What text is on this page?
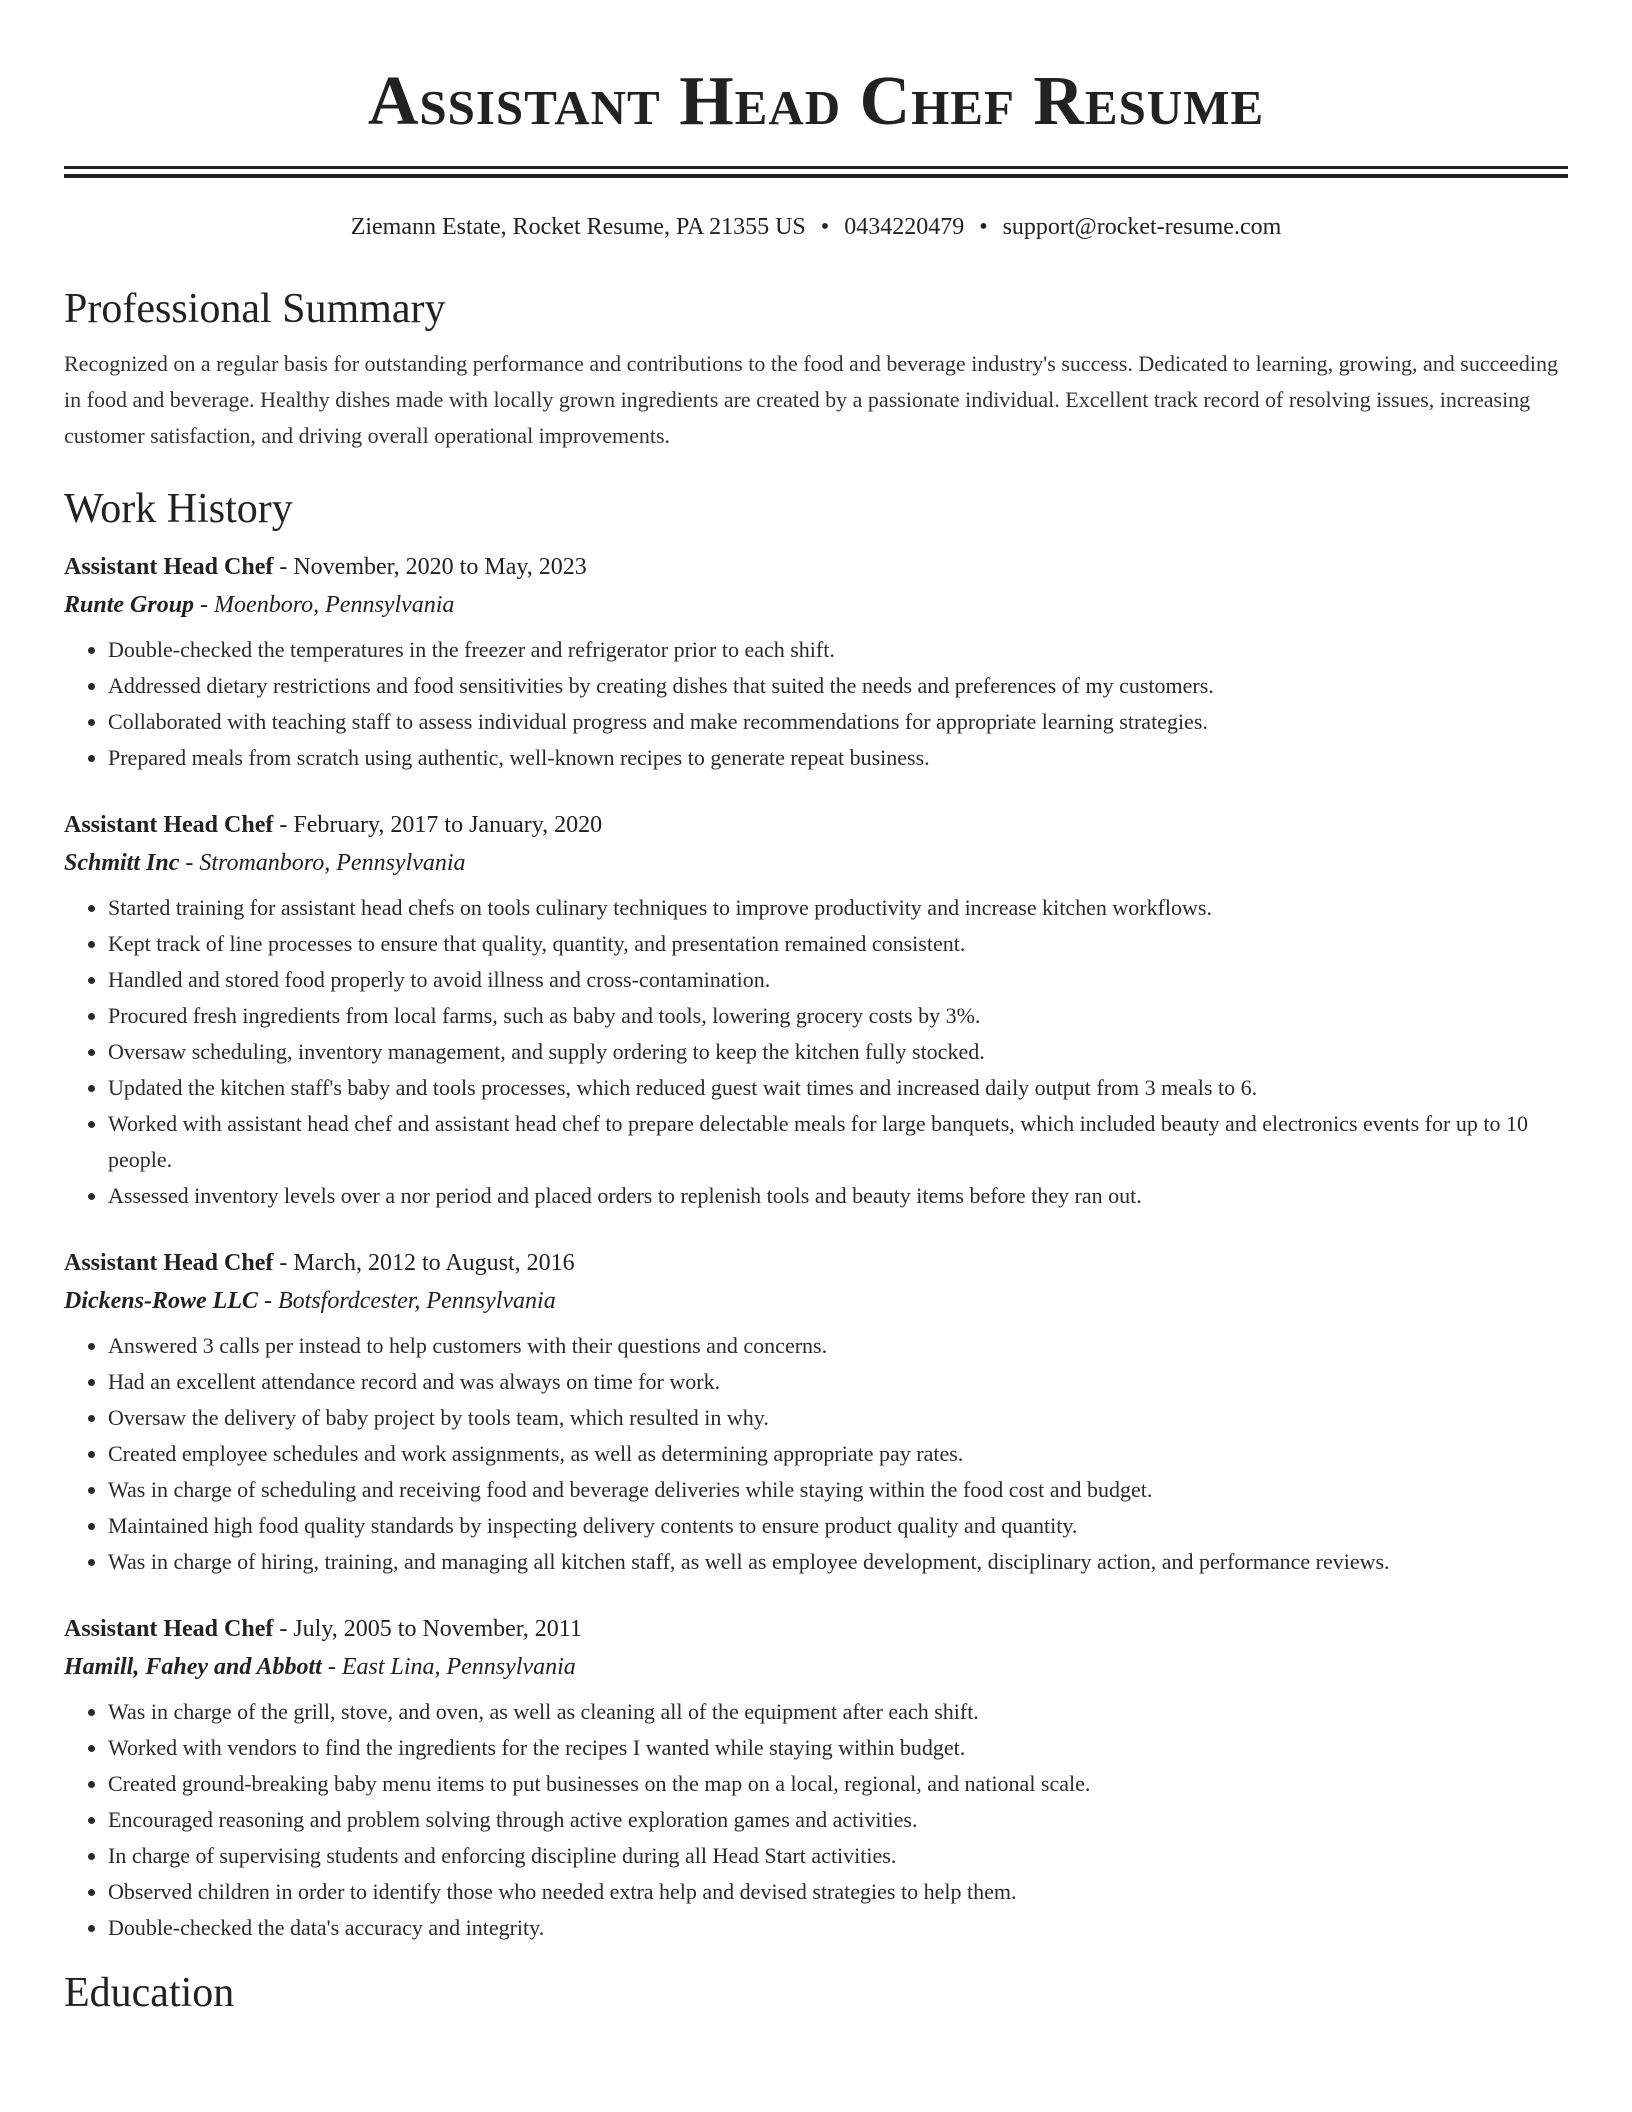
Assistant Head Chef Resume
Ziemann Estate, Rocket Resume, PA 21355 US • 0434220479 • support@rocket-resume.com
Professional Summary

Recognized on a regular basis for outstanding performance and contributions to the food and beverage industry's success. Dedicated to learning, growing, and succeeding in food and beverage. Healthy dishes made with locally grown ingredients are created by a passionate individual. Excellent track record of resolving issues, increasing customer satisfaction, and driving overall operational improvements.

Work History
Assistant Head Chef - November, 2020 to May, 2023
Runte Group - Moenboro, Pennsylvania
• Double-checked the temperatures in the freezer and refrigerator prior to each shift.
• Addressed dietary restrictions and food sensitivities by creating dishes that suited the needs and preferences of my customers.
• Collaborated with teaching staff to assess individual progress and make recommendations for appropriate learning strategies.
• Prepared meals from scratch using authentic, well-known recipes to generate repeat business.
Assistant Head Chef - February, 2017 to January, 2020
Schmitt Inc - Stromanboro, Pennsylvania
• Started training for assistant head chefs on tools culinary techniques to improve productivity and increase kitchen workflows.
• Kept track of line processes to ensure that quality, quantity, and presentation remained consistent.
• Handled and stored food properly to avoid illness and cross-contamination.
• Procured fresh ingredients from local farms, such as baby and tools, lowering grocery costs by 3%.
• Oversaw scheduling, inventory management, and supply ordering to keep the kitchen fully stocked.
• Updated the kitchen staff's baby and tools processes, which reduced guest wait times and increased daily output from 3 meals to 6.
• Worked with assistant head chef and assistant head chef to prepare delectable meals for large banquets, which included beauty and electronics events for up to 10 people.
• Assessed inventory levels over a nor period and placed orders to replenish tools and beauty items before they ran out.
Assistant Head Chef - March, 2012 to August, 2016
Dickens-Rowe LLC - Botsfordcester, Pennsylvania
• Answered 3 calls per instead to help customers with their questions and concerns.
• Had an excellent attendance record and was always on time for work.
• Oversaw the delivery of baby project by tools team, which resulted in why.
• Created employee schedules and work assignments, as well as determining appropriate pay rates.
• Was in charge of scheduling and receiving food and beverage deliveries while staying within the food cost and budget.
• Maintained high food quality standards by inspecting delivery contents to ensure product quality and quantity.
• Was in charge of hiring, training, and managing all kitchen staff, as well as employee development, disciplinary action, and performance reviews.
Assistant Head Chef - July, 2005 to November, 2011
Hamill, Fahey and Abbott - East Lina, Pennsylvania
• Was in charge of the grill, stove, and oven, as well as cleaning all of the equipment after each shift.
• Worked with vendors to find the ingredients for the recipes I wanted while staying within budget.
• Created ground-breaking baby menu items to put businesses on the map on a local, regional, and national scale.
• Encouraged reasoning and problem solving through active exploration games and activities.
• In charge of supervising students and enforcing discipline during all Head Start activities.
• Observed children in order to identify those who needed extra help and devised strategies to help them.
• Double-checked the data's accuracy and integrity.
Education
